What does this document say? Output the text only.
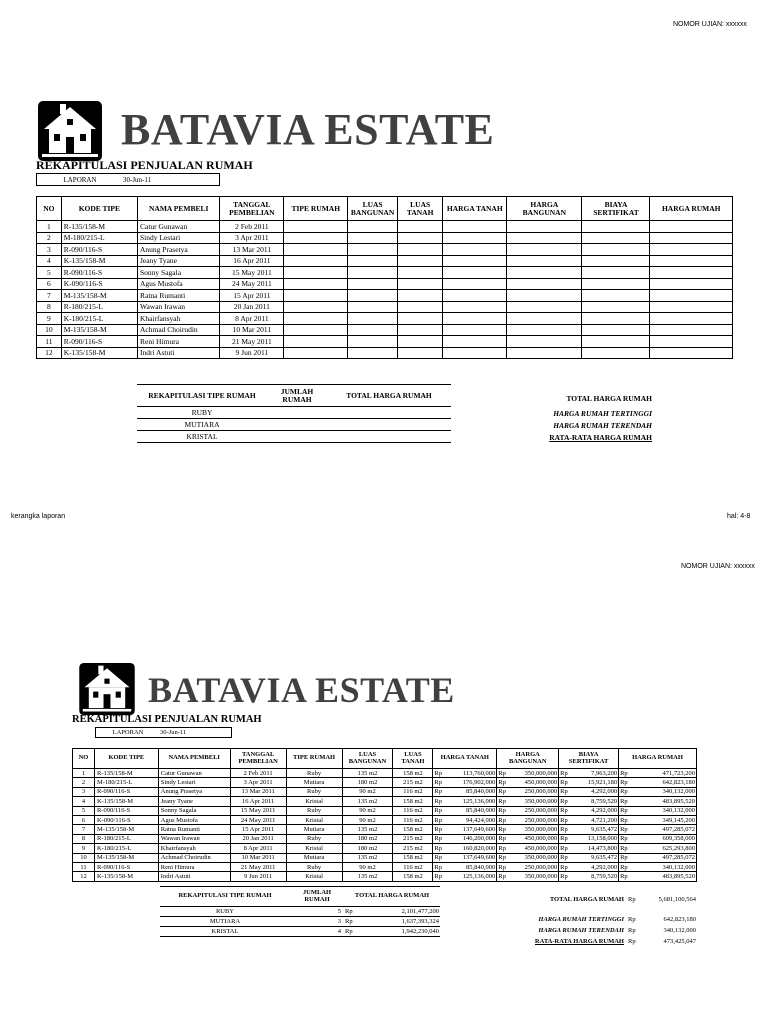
NOMOR UJIAN: xxxxxx
BATAVIA ESTATE
REKAPITULASI PENJUALAN RUMAH
LAPORAN	30-Jun-11
NO	KODE TIPE	NAMA PEMBELI	TANGGAL PEMBELIAN	TIPE RUMAH	LUAS BANGUNAN	LUAS TANAH	HARGA TANAH	HARGA BANGUNAN	BIAYA SERTIFIKAT	HARGA RUMAH
1	R-135/158-M	Catur Gunawan	2 Feb 2011							
2	M-180/215-L	Sindy Lestari	3 Apr 2011							
3	R-090/116-S	Anung Prasetya	13 Mar 2011							
4	K-135/158-M	Jeany Tyane	16 Apr 2011							
5	R-090/116-S	Sonny Sagala	15 May 2011							
6	K-090/116-S	Agus Mustofa	24 May 2011							
7	M-135/158-M	Ratna Rumanti	15 Apr 2011							
8	R-180/215-L	Wawan Irawan	20 Jan 2011							
9	K-180/215-L	Khairfansyah	8 Apr 2011							
10	M-135/158-M	Achmad Choirudin	10 Mar 2011							
11	R-090/116-S	Reni Himura	21 May 2011							
12	K-135/158-M	Indri Astuti	9 Jun 2011							
REKAPITULASI TIPE RUMAH	JUMLAH RUMAH	TOTAL HARGA RUMAH
RUBY		
MUTIARA		
KRISTAL		
TOTAL HARGA RUMAH
HARGA RUMAH TERTINGGI
HARGA RUMAH TERENDAH
RATA-RATA HARGA RUMAH
kerangka laporan	hal: 4-8
NOMOR UJIAN: xxxxxx
BATAVIA ESTATE
REKAPITULASI PENJUALAN RUMAH
LAPORAN	30-Jun-11
NO	KODE TIPE	NAMA PEMBELI	TANGGAL PEMBELIAN	TIPE RUMAH	LUAS BANGUNAN	LUAS TANAH	HARGA TANAH	HARGA BANGUNAN	BIAYA SERTIFIKAT	HARGA RUMAH
1	R-135/158-M	Catur Gunawan	2 Feb 2011	Ruby	135 m2	158 m2	Rp 113,760,000	Rp 350,000,000	Rp 7,963,200	Rp 471,723,200

2	M-180/215-L	Sindy Lestari	3 Apr 2011	Mutiara	180 m2	215 m2	Rp 176,902,000	Rp 450,000,000	Rp 15,921,180	Rp 642,823,180

3	R-090/116-S	Anung Prasetya	13 Mar 2011	Ruby	90 m2	116 m2	Rp 85,840,000	Rp 250,000,000	Rp 4,292,000	Rp 340,132,000

4	K-135/158-M	Jeany Tyane	16 Apr 2011	Kristal	135 m2	158 m2	Rp 125,136,000	Rp 350,000,000	Rp 8,759,520	Rp 483,895,520

5	R-090/116-S	Sonny Sagala	15 May 2011	Ruby	90 m2	116 m2	Rp 85,840,000	Rp 250,000,000	Rp 4,292,000	Rp 340,132,000

6	K-090/116-S	Agus Mustofa	24 May 2011	Kristal	90 m2	116 m2	Rp 94,424,000	Rp 250,000,000	Rp 4,721,200	Rp 349,145,200

7	M-135/158-M	Ratna Rumanti	15 Apr 2011	Mutiara	135 m2	158 m2	Rp 137,649,600	Rp 350,000,000	Rp 9,635,472	Rp 497,285,072

8	R-180/215-L	Wawan Irawan	20 Jan 2011	Ruby	180 m2	215 m2	Rp 146,200,000	Rp 450,000,000	Rp 13,158,000	Rp 609,358,000

9	K-180/215-L	Khairfansyah	8 Apr 2011	Kristal	180 m2	215 m2	Rp 160,820,000	Rp 450,000,000	Rp 14,473,800	Rp 625,293,800

10	M-135/158-M	Achmad Choirudin	10 Mar 2011	Mutiara	135 m2	158 m2	Rp 137,649,600	Rp 350,000,000	Rp 9,635,472	Rp 497,285,072

11	R-090/116-S	Reni Himura	21 May 2011	Ruby	90 m2	116 m2	Rp 85,840,000	Rp 250,000,000	Rp 4,292,000	Rp 340,132,000

12	K-135/158-M	Indri Astuti	9 Jun 2011	Kristal	135 m2	158 m2	Rp 125,136,000	Rp 350,000,000	Rp 8,759,520	Rp 483,895,520
REKAPITULASI TIPE RUMAH	JUMLAH RUMAH	TOTAL HARGA RUMAH
RUBY	5	Rp 2,101,477,200

MUTIARA	3	Rp 1,637,393,324

KRISTAL	4	Rp 1,942,230,040
TOTAL HARGA RUMAH Rp	5,681,100,564
HARGA RUMAH TERTINGGI Rp	642,823,180
HARGA RUMAH TERENDAH Rp	340,132,000
RATA-RATA HARGA RUMAH Rp	473,425,047
